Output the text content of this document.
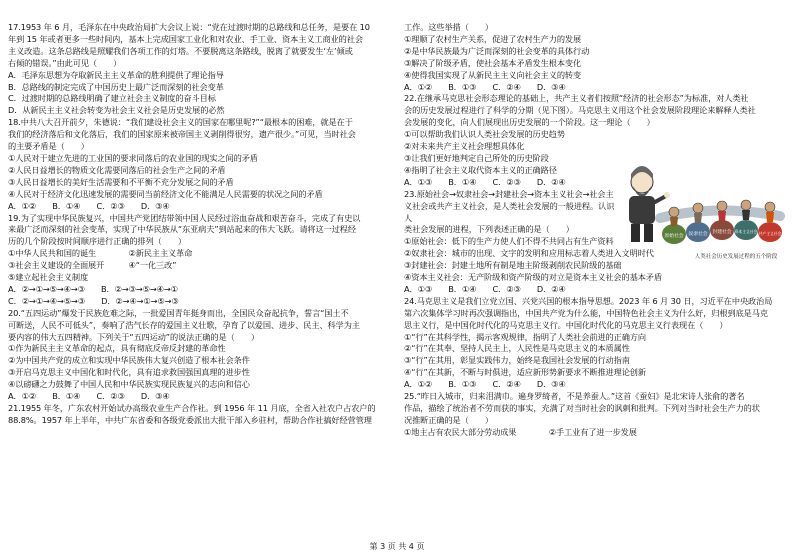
17.1953 年 6 月，毛泽东在中央政治局扩大会议上说：“党在过渡时期的总路线和总任务，是要在 10

年到 15 年或者更多一些时间内，基本上完成国家工业化和对农业、手工业、资本主义工商业的社会

主义改造。这条总路线是照耀我们各项工作的灯塔。不要脱离这条路线，脱离了就要发生‘左’倾或

右倾的错误。”由此可见（　　）

A．毛泽东思想为夺取新民主主义革命的胜利提供了理论指导

B．总路线的制定完成了中国历史上最广泛而深刻的社会变革

C．过渡时期的总路线明确了建立社会主义制度的奋斗目标

D．从新民主主义社会转变为社会主义社会是历史发展的必然

18.中共八大召开前夕，朱德说：“我们建设社会主义的国家在哪里呢?”“最根本的困难，就是在于

我们的经济落后和文化落后，我们的国家原来被帝国主义剥削得很穷，遗产很少。”可见，当时社会

的主要矛盾是（　　）

①人民对于建立先进的工业国的要求同落后的农业国的现实之间的矛盾

②人民日益增长的物质文化需要同落后的社会生产之间的矛盾

③人民日益增长的美好生活需要和不平衡不充分发展之间的矛盾

④人民对于经济文化迅速发展的需要同当前经济文化不能满足人民需要的状况之间的矛盾

A．①②　　B．①④　　C．②③　　D．③④

19.为了实现中华民族复兴，中国共产党团结带领中国人民经过浴血奋战和艰苦奋斗，完成了有史以

来最广泛而深刻的社会变革，实现了中华民族从“东亚病夫”到站起来的伟大飞跃。请将这一过程经

历的几个阶段按时间顺序进行正确的排列（　　）

①中华人民共和国的诞生　　　　②新民主主义革命

③社会主义建设的全面展开　　　④“一化三改”

⑤建立起社会主义制度

A．②→①→⑤→④→③　　B．②→③→⑤→④→①

C．②→①→④→⑤→③　　D．②→④→①→⑤→③

20.“五四运动”爆发于民族危难之际，一批爱国青年挺身而出，全国民众奋起抗争，誓言“国土不

可断送，人民不可低头”，奏响了浩气长存的爱国主义壮歌，孕育了以爱国、进步、民主、科学为主

要内容的伟大五四精神。下列关于“五四运动”的说法正确的是（　　）

①作为新民主主义革命的起点，具有彻底反帝反封建的革命性

②为中国共产党的成立和实现中华民族伟大复兴创造了根本社会条件

③开启马克思主义中国化和时代化，具有追求救国强国真理的进步性

④以磅礴之力鼓舞了中国人民和中华民族实现民族复兴的志向和信心

A．①②　　B．①④　　C．②③　　D．③④

21.1955 年冬，广东农村开始试办高级农业生产合作社。到 1956 年 11 月底，全省入社农户占农户的

88.8%。1957 年上半年，中共广东省委和各级党委派出大批干部入乡驻村，帮助合作社搞好经营管理

工作。这些举措（　　）

①理顺了农村生产关系，促进了农村生产力的发展

②是中华民族最为广泛而深刻的社会变革的具体行动

③解决了阶级矛盾，使社会基本矛盾发生根本变化

④使得我国实现了从新民主主义向社会主义的转变

A．①②　　B．①③　　C．②④　　D．③④

22.在继承马克思社会形态理论的基础上，共产主义者们按照“经济的社会形态”为标准，对人类社

会的历史发展过程进行了科学的分期（见下图）。马克思主义用这个社会发展阶段理论来解释人类社

会发展的变化，向人们展现出历史发展的一个阶段。这一理论（　　）

①可以帮助我们认识人类社会发展的历史趋势

②对未来共产主义社会理想具体化

③让我们更好地判定自己所处的历史阶段

④指明了社会主义取代资本主义的正确路径

A．①③　　B．①④　　C．②③　　D．②④

23.原始社会→奴隶社会→封建社会→资本主义社会→社会主

义社会或共产主义社会，是人类社会发展的一般进程。认识人

类社会发展的进程，下列表述正确的是（　　）

①原始社会：低下的生产力使人们不得不共同占有生产资料

②奴隶社会：城市的出现、文字的发明和应用标志着人类进入文明时代

③封建社会：封建土地所有制是地主阶级剥削农民阶级的基础

④资本主义社会：无产阶级和资产阶级的对立是资本主义社会的基本矛盾

A．①③　　B．①④　　C．②③　　D．②④

24.马克思主义是我们立党立国、兴党兴国的根本指导思想。2023 年 6 月 30 日，习近平在中央政治局

第六次集体学习时再次强调指出，中国共产党为什么能，中国特色社会主义为什么好，归根到底是马克

思主义行，是中国化时代化的马克思主义行。中国化时代化的马克思主义行表现在（　　）

①“行”在其科学性，揭示客观规律，指明了人类社会前进的正确方向

②“行”在其奉、坚持人民主上，人民性是马克思主义的本质属性

③“行”在其用，彰显实践伟力，始终是我国社会发展的行动指南

④“行”在其新，不断与时俱进，适应新形势新要求不断推进理论创新

A．①②　　B．①③　　C．②④　　D．③④

25.“昨日入城市，归来泪满巾。遍身罗绮者，不是养蚕人。”这首《蚕妇》是北宋诗人张俞的著名

作品，描绘了统治者不劳而获的事实，充满了对当时社会的讽刺和批判。下列对当时社会生产力的状

况推断正确的是（　　）

①地主占有农民大部分劳动成果　　　　②手工业有了进一步发展

原始社会 奴隶社会 封建社会 资本主义社会 共产主义社会
人类社会历史发展过程的五个阶段
第 3 页 共 4 页
